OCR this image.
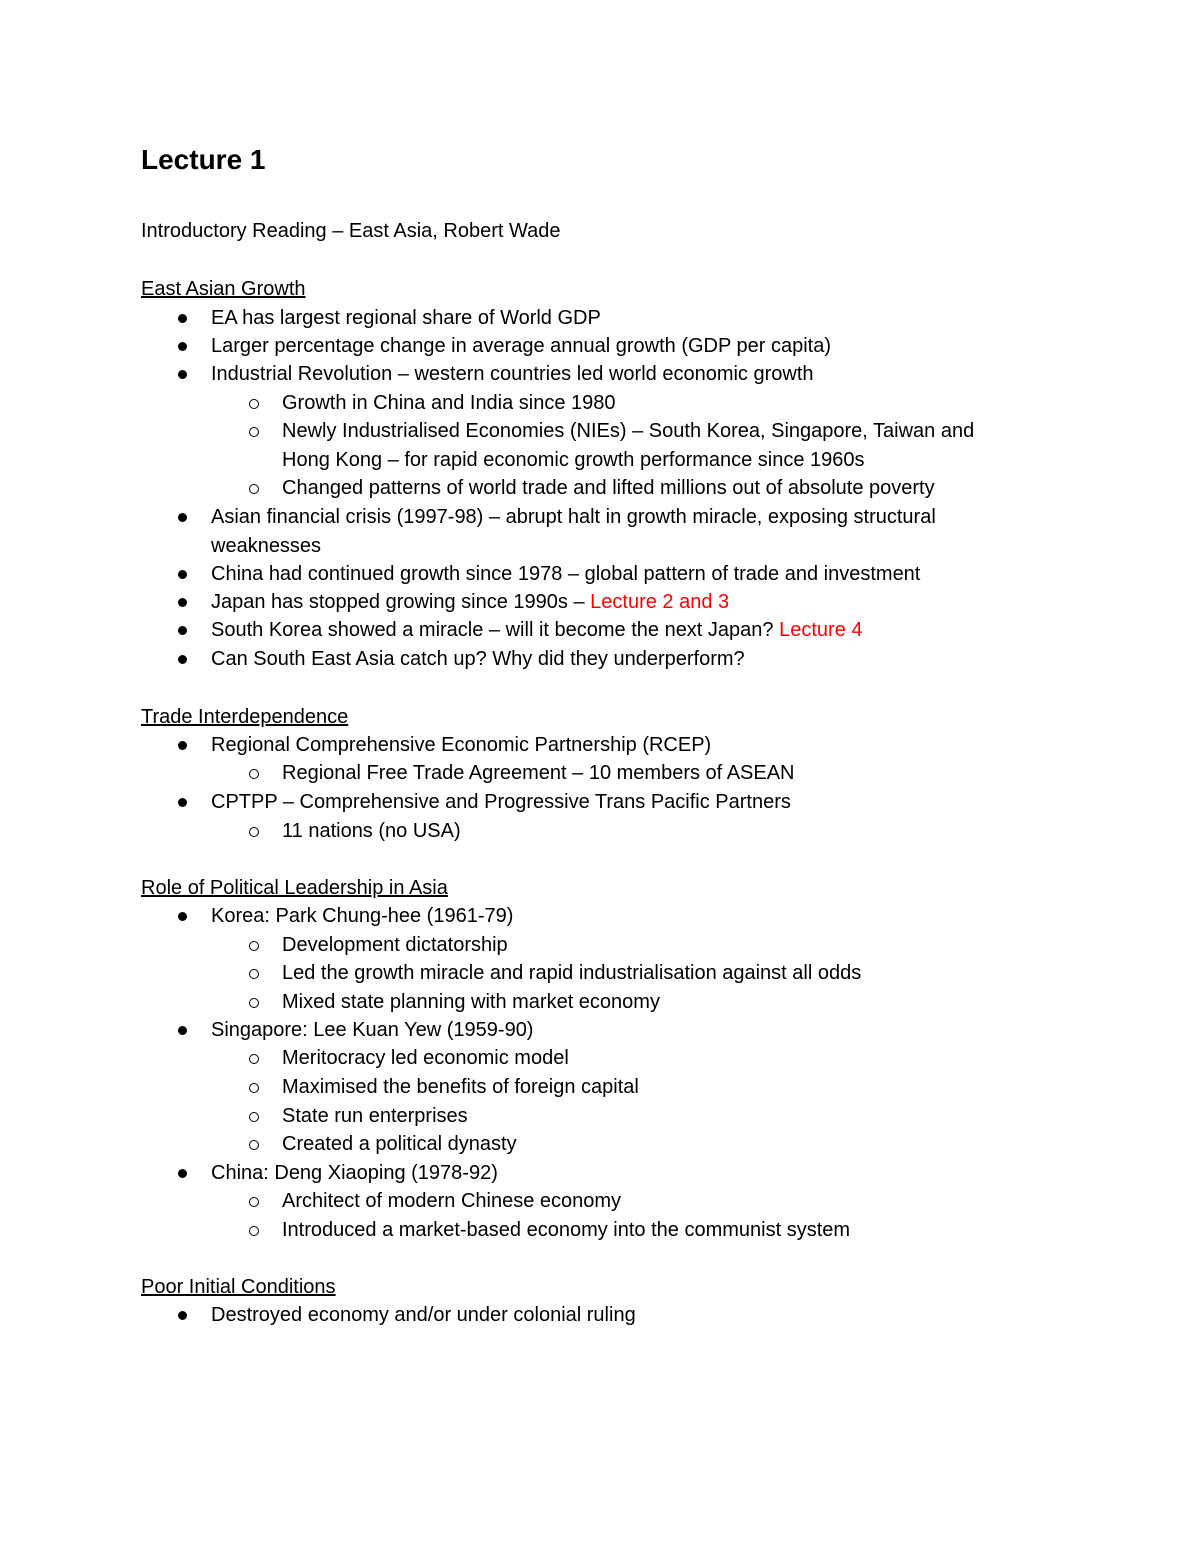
Lecture 1
Introductory Reading – East Asia, Robert Wade
East Asian Growth
EA has largest regional share of World GDP
Larger percentage change in average annual growth (GDP per capita)
Industrial Revolution – western countries led world economic growth
Growth in China and India since 1980
Newly Industrialised Economies (NIEs) – South Korea, Singapore, Taiwan and
Hong Kong – for rapid economic growth performance since 1960s
Changed patterns of world trade and lifted millions out of absolute poverty
Asian financial crisis (1997-98) – abrupt halt in growth miracle, exposing structural
weaknesses
China had continued growth since 1978 – global pattern of trade and investment
Japan has stopped growing since 1990s – Lecture 2 and 3
South Korea showed a miracle – will it become the next Japan? Lecture 4
Can South East Asia catch up? Why did they underperform?
Trade Interdependence
Regional Comprehensive Economic Partnership (RCEP)
Regional Free Trade Agreement – 10 members of ASEAN
CPTPP – Comprehensive and Progressive Trans Pacific Partners
11 nations (no USA)
Role of Political Leadership in Asia
Korea: Park Chung-hee (1961-79)
Development dictatorship
Led the growth miracle and rapid industrialisation against all odds
Mixed state planning with market economy
Singapore: Lee Kuan Yew (1959-90)
Meritocracy led economic model
Maximised the benefits of foreign capital
State run enterprises
Created a political dynasty
China: Deng Xiaoping (1978-92)
Architect of modern Chinese economy
Introduced a market-based economy into the communist system
Poor Initial Conditions
Destroyed economy and/or under colonial ruling
